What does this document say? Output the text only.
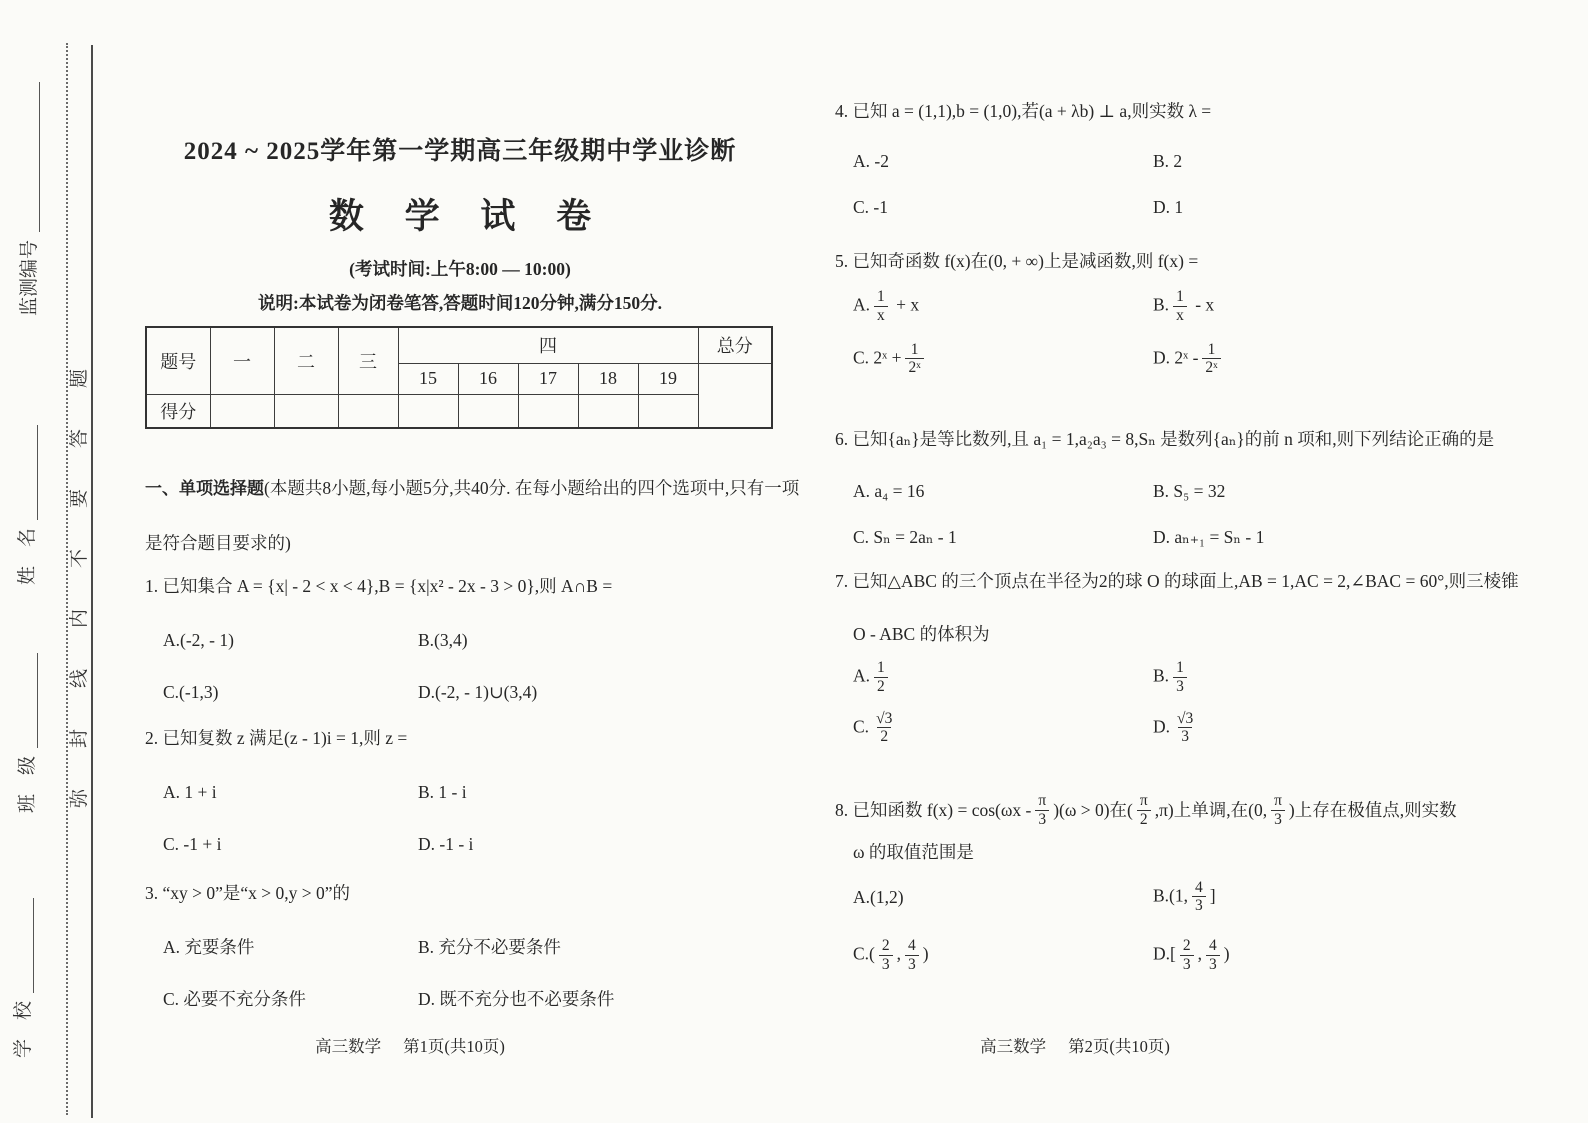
监测编号
姓　名
班　级
学　校
弥封线内不要答题
2024 ~ 2025学年第一学期高三年级期中学业诊断
数 学 试 卷
(考试时间:上午8:00 — 10:00)
说明:本试卷为闭卷笔答,答题时间120分钟,满分150分.
题号	一	二	三	四					总分
				15	16	17	18	19	
得分									
一、单项选择题(本题共8小题,每小题5分,共40分. 在每小题给出的四个选项中,只有一项
是符合题目要求的)
1. 已知集合 A = {x| - 2 < x < 4},B = {x|x² - 2x - 3 > 0},则 A∩B =
A.(-2, - 1)	B.(3,4)
C.(-1,3)	D.(-2, - 1)∪(3,4)
2. 已知复数 z 满足(z - 1)i = 1,则 z =
A. 1 + i	B. 1 - i
C. -1 + i	D. -1 - i
3. “xy > 0”是“x > 0,y > 0”的
A. 充要条件	B. 充分不必要条件
C. 必要不充分条件	D. 既不充分也不必要条件
高三数学 第1页(共10页)
4. 已知 a = (1,1),b = (1,0),若(a + λb) ⊥ a,则实数 λ =
A. -2	B. 2
C. -1	D. 1
5. 已知奇函数 f(x)在(0, + ∞)上是减函数,则 f(x) =
A. $\frac{1}{x} + x$	B. $\frac{1}{x}$ - x
C. 2ˣ + $\frac{1}{\text{2ˣ}}$	D. 2ˣ - $\frac{1}{\text{2ˣ}}$
6. 已知{aₙ}是等比数列,且 a₁ = 1,a₂a₃ = 8,Sₙ 是数列{aₙ}的前 n 项和,则下列结论正确的是
A. a₄ = 16	B. S₅ = 32
C. Sₙ = 2aₙ - 1	D. aₙ₊₁ = Sₙ - 1
7. 已知△ABC 的三个顶点在半径为2的球 O 的球面上,AB = 1,AC = 2,∠BAC = 60°,则三棱锥
O - ABC 的体积为
A. $\frac{1}{2}$	B. $\frac{1}{3}$
C. $\frac{√3}{2}$	D. $\frac{√3}{3}$
8. 已知函数 $f(x) = \cos(\omega x - \frac{\pi}{3} )(\omega > 0)$在( $\frac{\pi}{2} ,\pi$)上单调,在(0, $\frac{\pi}{3}$ )上存在极值点,则实数
ω 的取值范围是
A.(1,2)	B.(1, $\frac{4}{3}$ ]
$C.( \frac{2}{3}$ , $\frac{4}{3}$ )	$D.[ \frac{2}{3}$ , $\frac{4}{3}$ )
高三数学 第2页(共10页)
